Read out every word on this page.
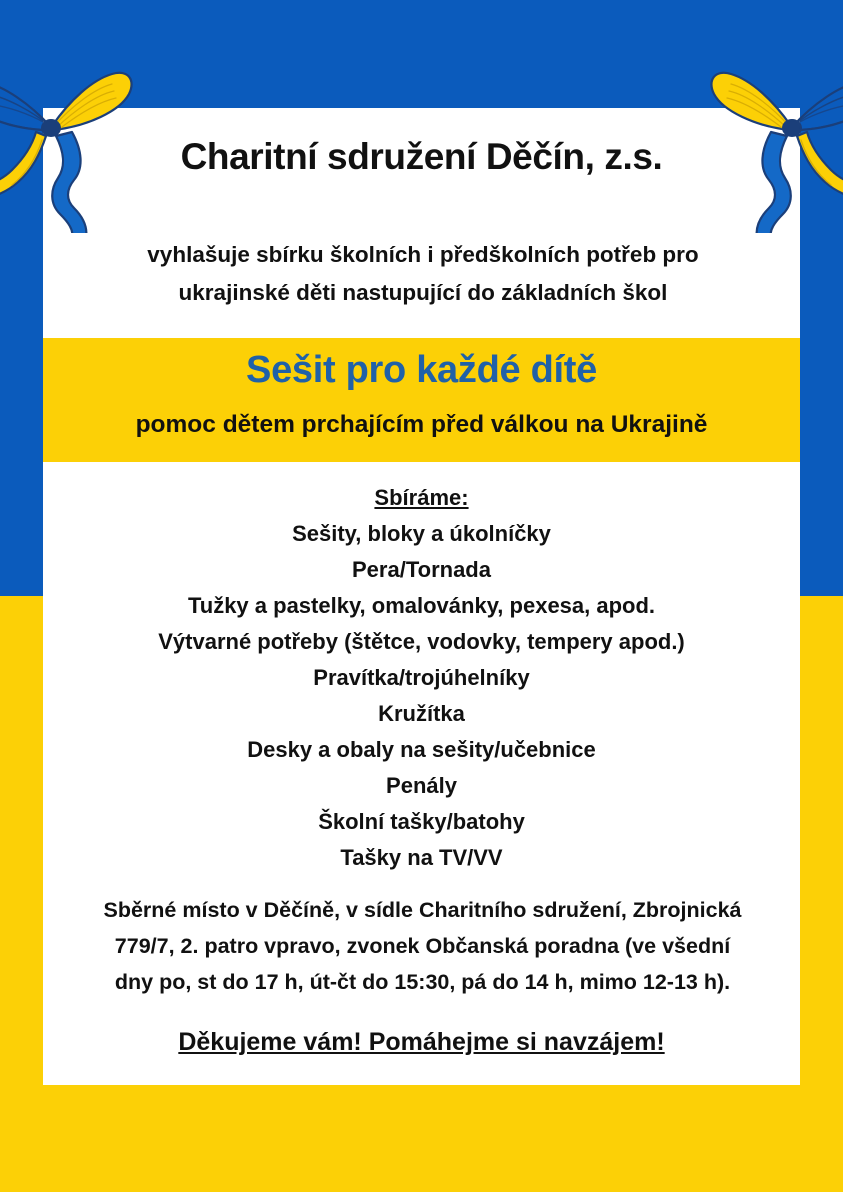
Charitní sdružení Děčín, z.s.
vyhlašuje sbírku školních i předškolních potřeb pro
ukrajinské děti nastupující do základních škol
Sešit pro každé dítě
pomoc dětem prchajícím před válkou na Ukrajině
Sbíráme:
Sešity, bloky a úkolníčky
Pera/Tornada
Tužky a pastelky, omalovánky, pexesa, apod.
Výtvarné potřeby (štětce, vodovky, tempery apod.)
Pravítka/trojúhelníky
Kružítka
Desky a obaly na sešity/učebnice
Penály
Školní tašky/batohy
Tašky na TV/VV
Sběrné místo v Děčíně, v sídle Charitního sdružení, Zbrojnická
779/7, 2. patro vpravo, zvonek Občanská poradna (ve všední
dny po, st do 17 h, út-čt do 15:30, pá do 14 h, mimo 12-13 h).
Děkujeme vám! Pomáhejme si navzájem!
